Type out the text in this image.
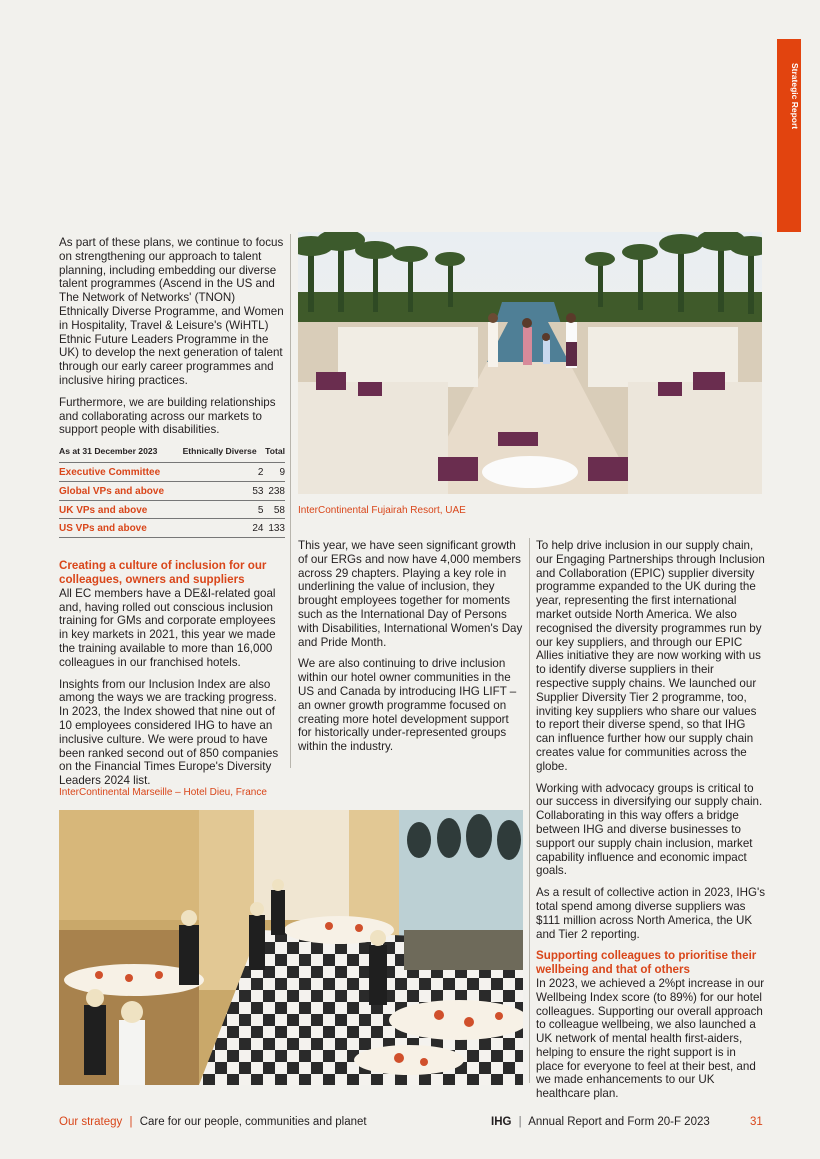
Strategic Report

As part of these plans, we continue to focus on strengthening our approach to talent planning, including embedding our diverse talent programmes (Ascend in the US and The Network of Networks' (TNON) Ethnically Diverse Programme, and Women in Hospitality, Travel & Leisure's (WiHTL) Ethnic Future Leaders Programme in the UK) to develop the next generation of talent through our early career programmes and inclusive hiring practices.

Furthermore, we are building relationships and collaborating across our markets to support people with disabilities.

As at 31 December 2023	Ethnically Diverse	Total
Executive Committee	2	9
Global VPs and above	53	238
UK VPs and above	5	58
US VPs and above	24	133
Creating a culture of inclusion for our colleagues, owners and suppliers

All EC members have a DE&I-related goal and, having rolled out conscious inclusion training for GMs and corporate employees in key markets in 2021, this year we made the training available to more than 16,000 colleagues in our franchised hotels.

Insights from our Inclusion Index are also among the ways we are tracking progress. In 2023, the Index showed that nine out of 10 employees considered IHG to have an inclusive culture. We were proud to have been ranked second out of 850 companies on the Financial Times Europe's Diversity Leaders 2024 list.

InterContinental Fujairah Resort, UAE

This year, we have seen significant growth of our ERGs and now have 4,000 members across 29 chapters. Playing a key role in underlining the value of inclusion, they brought employees together for moments such as the International Day of Persons with Disabilities, International Women's Day and Pride Month.

We are also continuing to drive inclusion within our hotel owner communities in the US and Canada by introducing IHG LIFT – an owner growth programme focused on creating more hotel development support for historically under-represented groups within the industry.

To help drive inclusion in our supply chain, our Engaging Partnerships through Inclusion and Collaboration (EPIC) supplier diversity programme expanded to the UK during the year, representing the first international market outside North America. We also recognised the diversity programmes run by our key suppliers, and through our EPIC Allies initiative they are now working with us to identify diverse suppliers in their respective supply chains. We launched our Supplier Diversity Tier 2 programme, too, inviting key suppliers who share our values to report their diverse spend, so that IHG can influence further how our supply chain creates value for communities across the globe.

Working with advocacy groups is critical to our success in diversifying our supply chain. Collaborating in this way offers a bridge between IHG and diverse businesses to support our supply chain inclusion, market capability influence and economic impact goals.

As a result of collective action in 2023, IHG's total spend among diverse suppliers was $111 million across North America, the UK and Tier 2 reporting.

Supporting colleagues to prioritise their wellbeing and that of others

In 2023, we achieved a 2%pt increase in our Wellbeing Index score (to 89%) for our hotel colleagues. Supporting our overall approach to colleague wellbeing, we also launched a UK network of mental health first-aiders, helping to ensure the right support is in place for everyone to feel at their best, and we made enhancements to our UK healthcare plan.

InterContinental Marseille – Hotel Dieu, France
Our strategy | Care for our people, communities and planet	IHG | Annual Report and Form 20-F 2023	31
